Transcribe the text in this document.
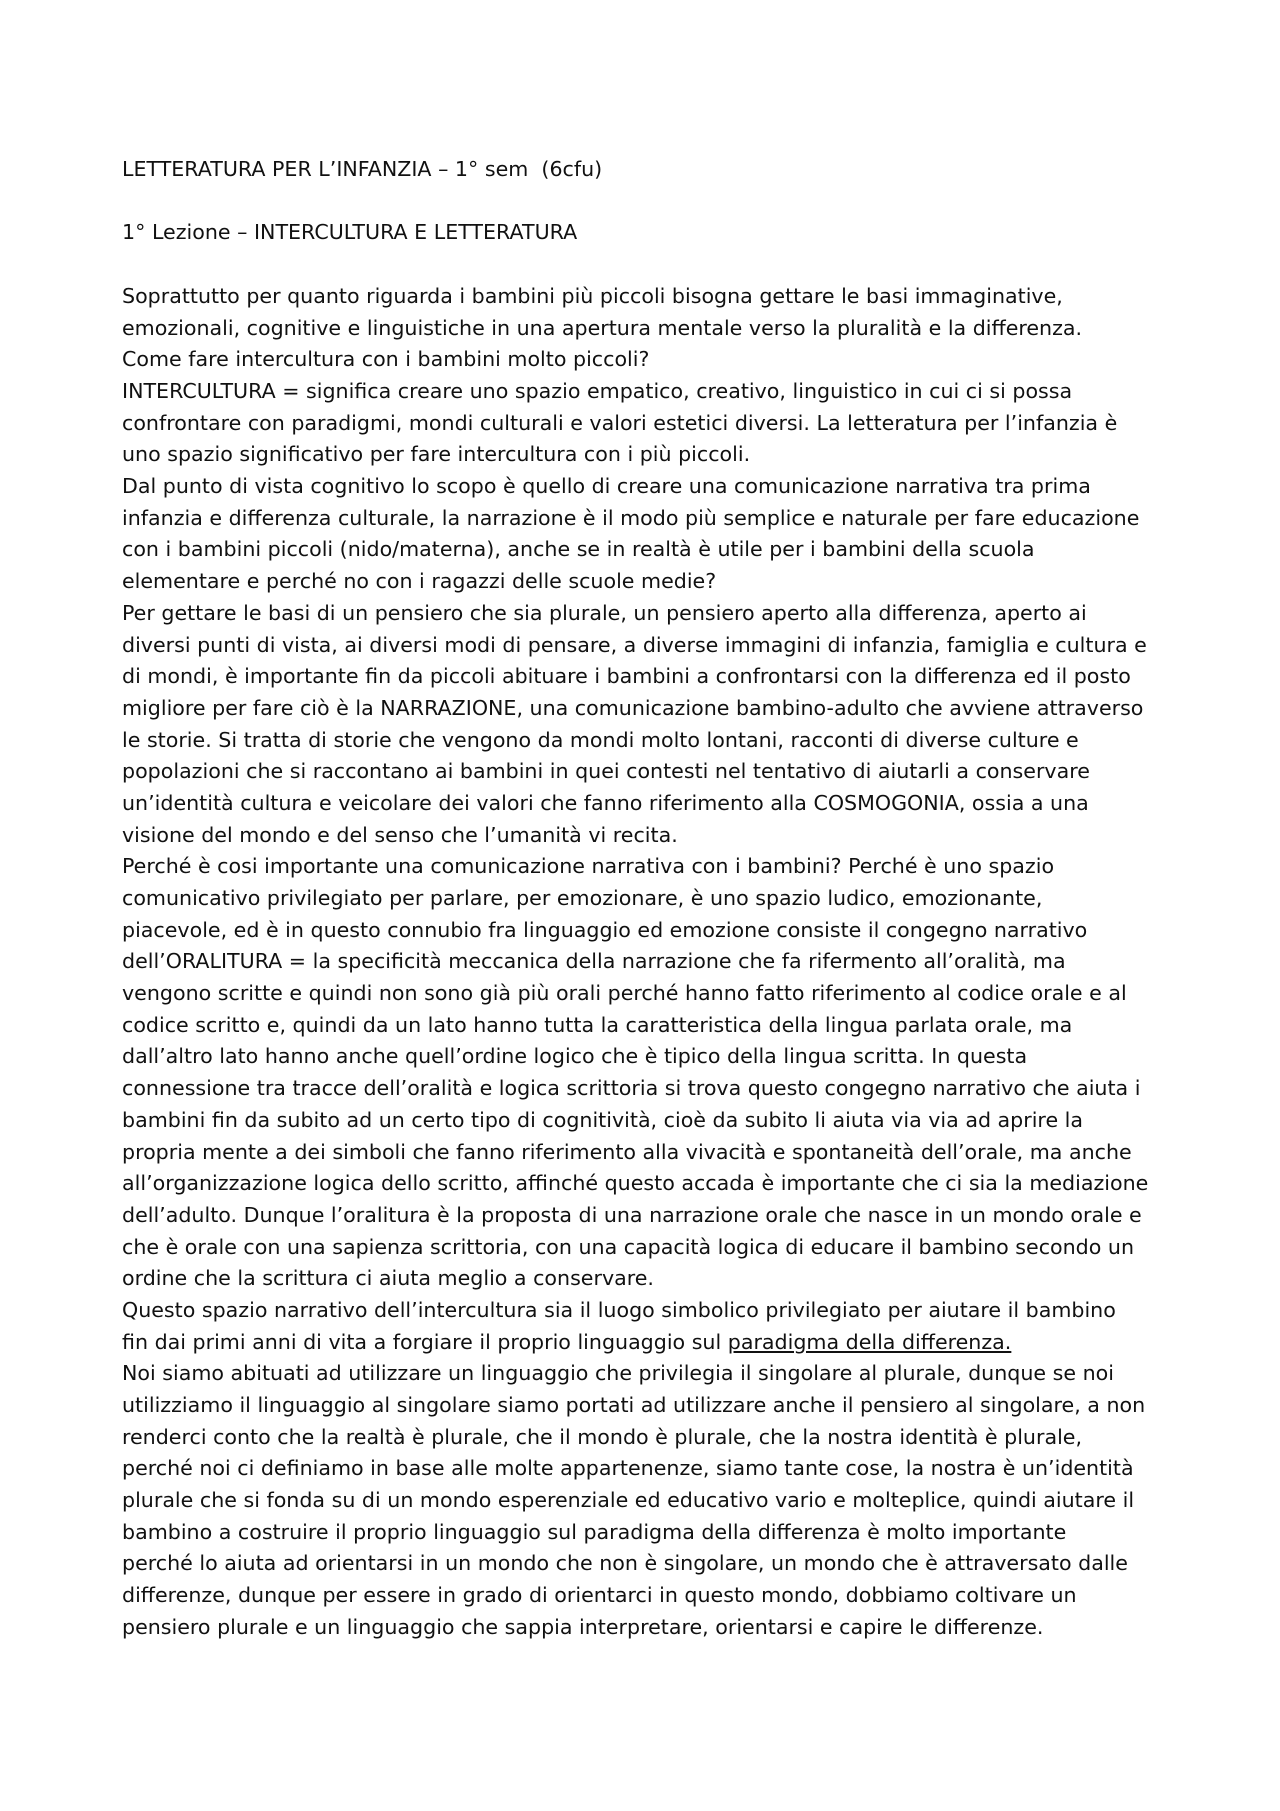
LETTERATURA PER L’INFANZIA – 1° sem  (6cfu)
1° Lezione – INTERCULTURA E LETTERATURA
Soprattutto per quanto riguarda i bambini più piccoli bisogna gettare le basi immaginative,
emozionali, cognitive e linguistiche in una apertura mentale verso la pluralità e la differenza.
Come fare intercultura con i bambini molto piccoli?
INTERCULTURA = significa creare uno spazio empatico, creativo, linguistico in cui ci si possa
confrontare con paradigmi, mondi culturali e valori estetici diversi. La letteratura per l’infanzia è
uno spazio significativo per fare intercultura con i più piccoli.
Dal punto di vista cognitivo lo scopo è quello di creare una comunicazione narrativa tra prima
infanzia e differenza culturale, la narrazione è il modo più semplice e naturale per fare educazione
con i bambini piccoli (nido/materna), anche se in realtà è utile per i bambini della scuola
elementare e perché no con i ragazzi delle scuole medie?
Per gettare le basi di un pensiero che sia plurale, un pensiero aperto alla differenza, aperto ai
diversi punti di vista, ai diversi modi di pensare, a diverse immagini di infanzia, famiglia e cultura e
di mondi, è importante fin da piccoli abituare i bambini a confrontarsi con la differenza ed il posto
migliore per fare ciò è la NARRAZIONE, una comunicazione bambino-adulto che avviene attraverso
le storie. Si tratta di storie che vengono da mondi molto lontani, racconti di diverse culture e
popolazioni che si raccontano ai bambini in quei contesti nel tentativo di aiutarli a conservare
un’identità cultura e veicolare dei valori che fanno riferimento alla COSMOGONIA, ossia a una
visione del mondo e del senso che l’umanità vi recita.
Perché è cosi importante una comunicazione narrativa con i bambini? Perché è uno spazio
comunicativo privilegiato per parlare, per emozionare, è uno spazio ludico, emozionante,
piacevole, ed è in questo connubio fra linguaggio ed emozione consiste il congegno narrativo
dell’ORALITURA = la specificità meccanica della narrazione che fa rifermento all’oralità, ma
vengono scritte e quindi non sono già più orali perché hanno fatto riferimento al codice orale e al
codice scritto e, quindi da un lato hanno tutta la caratteristica della lingua parlata orale, ma
dall’altro lato hanno anche quell’ordine logico che è tipico della lingua scritta. In questa
connessione tra tracce dell’oralità e logica scrittoria si trova questo congegno narrativo che aiuta i
bambini fin da subito ad un certo tipo di cognitività, cioè da subito li aiuta via via ad aprire la
propria mente a dei simboli che fanno riferimento alla vivacità e spontaneità dell’orale, ma anche
all’organizzazione logica dello scritto, affinché questo accada è importante che ci sia la mediazione
dell’adulto. Dunque l’oralitura è la proposta di una narrazione orale che nasce in un mondo orale e
che è orale con una sapienza scrittoria, con una capacità logica di educare il bambino secondo un
ordine che la scrittura ci aiuta meglio a conservare.
Questo spazio narrativo dell’intercultura sia il luogo simbolico privilegiato per aiutare il bambino
fin dai primi anni di vita a forgiare il proprio linguaggio sul paradigma della differenza.
Noi siamo abituati ad utilizzare un linguaggio che privilegia il singolare al plurale, dunque se noi
utilizziamo il linguaggio al singolare siamo portati ad utilizzare anche il pensiero al singolare, a non
renderci conto che la realtà è plurale, che il mondo è plurale, che la nostra identità è plurale,
perché noi ci definiamo in base alle molte appartenenze, siamo tante cose, la nostra è un’identità
plurale che si fonda su di un mondo esperenziale ed educativo vario e molteplice, quindi aiutare il
bambino a costruire il proprio linguaggio sul paradigma della differenza è molto importante
perché lo aiuta ad orientarsi in un mondo che non è singolare, un mondo che è attraversato dalle
differenze, dunque per essere in grado di orientarci in questo mondo, dobbiamo coltivare un
pensiero plurale e un linguaggio che sappia interpretare, orientarsi e capire le differenze.
